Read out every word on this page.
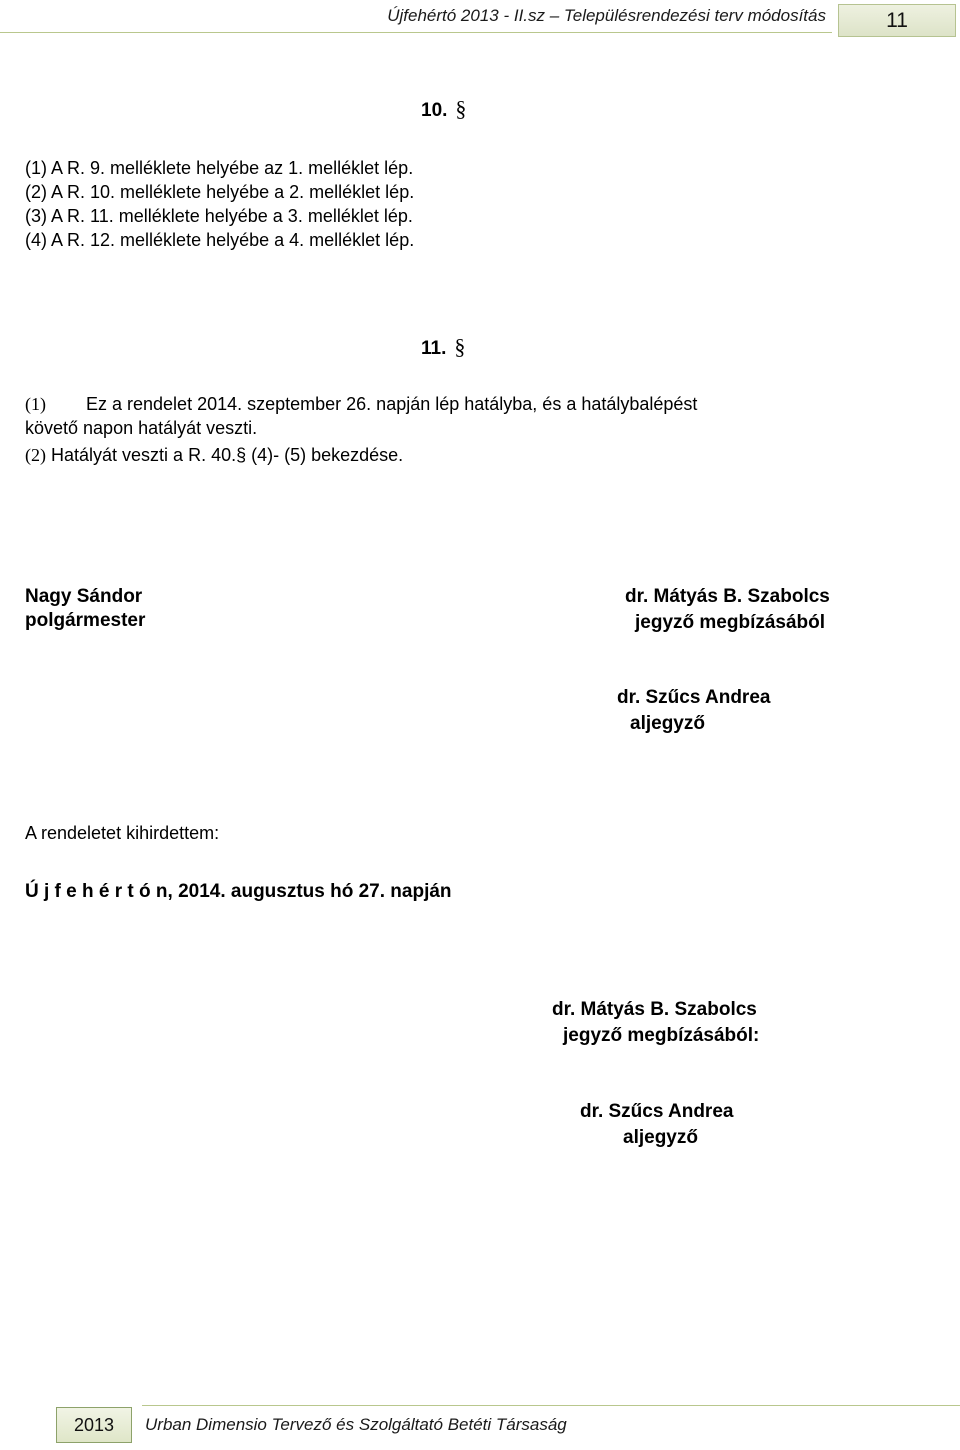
Újfehértó 2013 - II.sz – Településrendezési terv módosítás	11
10. §
(1) A R. 9. melléklete helyébe az 1. melléklet lép.
(2) A R. 10. melléklete helyébe a 2. melléklet lép.
(3) A R. 11. melléklete helyébe a 3. melléklet lép.
(4) A R. 12. melléklete helyébe a 4. melléklet lép.
11. §
(1) Ez a rendelet 2014. szeptember 26. napján lép hatályba, és a hatálybalépést
követő napon hatályát veszti.
(2) Hatályát veszti a R. 40.§ (4)- (5) bekezdése.
Nagy Sándor
polgármester
dr. Mátyás B. Szabolcs
jegyző megbízásából
dr. Szűcs Andrea
aljegyző
A rendeletet kihirdettem:
Ú j f e h é r t ó n, 2014. augusztus hó 27. napján
dr. Mátyás B. Szabolcs
jegyző megbízásából:
dr. Szűcs Andrea
aljegyző
2013 Urban Dimensio Tervező és Szolgáltató Betéti Társaság
